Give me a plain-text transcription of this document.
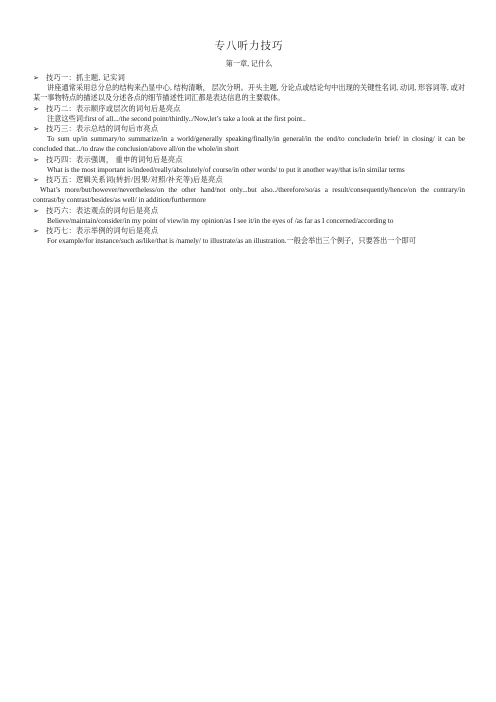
专八听力技巧
第一章, 记什么
➢ 技巧一：抓主题, 记实词

讲座通常采用总分总的结构来凸显中心, 结构清晰， 层次分明。开头主题, 分论点或结论句中出现的关键性名词, 动词, 形容词等, 或对某一事物特点的描述以及分述各点的细节描述性词汇都是表达信息的主要载体。

➢ 技巧二：表示顺序或层次的词句后是亮点

注意这些词:first of all.../the second point/thirdly../Now,let’s take a look at the first point..

➢ 技巧三：表示总结的词句后市亮点

To sum up/in summary/to summarize/in a world/generally speaking/finally/in general/in the end/to conclude/in brief/ in closing/ it can be concluded that.../to draw the conclusion/above all/on the whole/in short

➢ 技巧四：表示强调， 重申的词句后是亮点

What is the most important is/indeed/really/absolutely/of course/in other words/ to put it another way/that is/in similar terms

➢ 技巧五：逻辑关系词(转折/因果/对照/补充等)后是亮点

What’s more/but/however/nevertheless/on the other hand/not only...but also../therefore/so/as a result/consequently/hence/on the contrary/in contrast/by contrast/besides/as well/ in addition/furthermore

➢ 技巧六：表达观点的词句后是亮点

Believe/maintain/consider/in my point of view/in my opinion/as I see it/in the eyes of /as far as I concerned/according to

➢ 技巧七：表示举例的词句后是亮点

For example/for instance/such as/like/that is /namely/ to illustrate/as an illustration.一般会举出三个例子，只要答出一个即可
